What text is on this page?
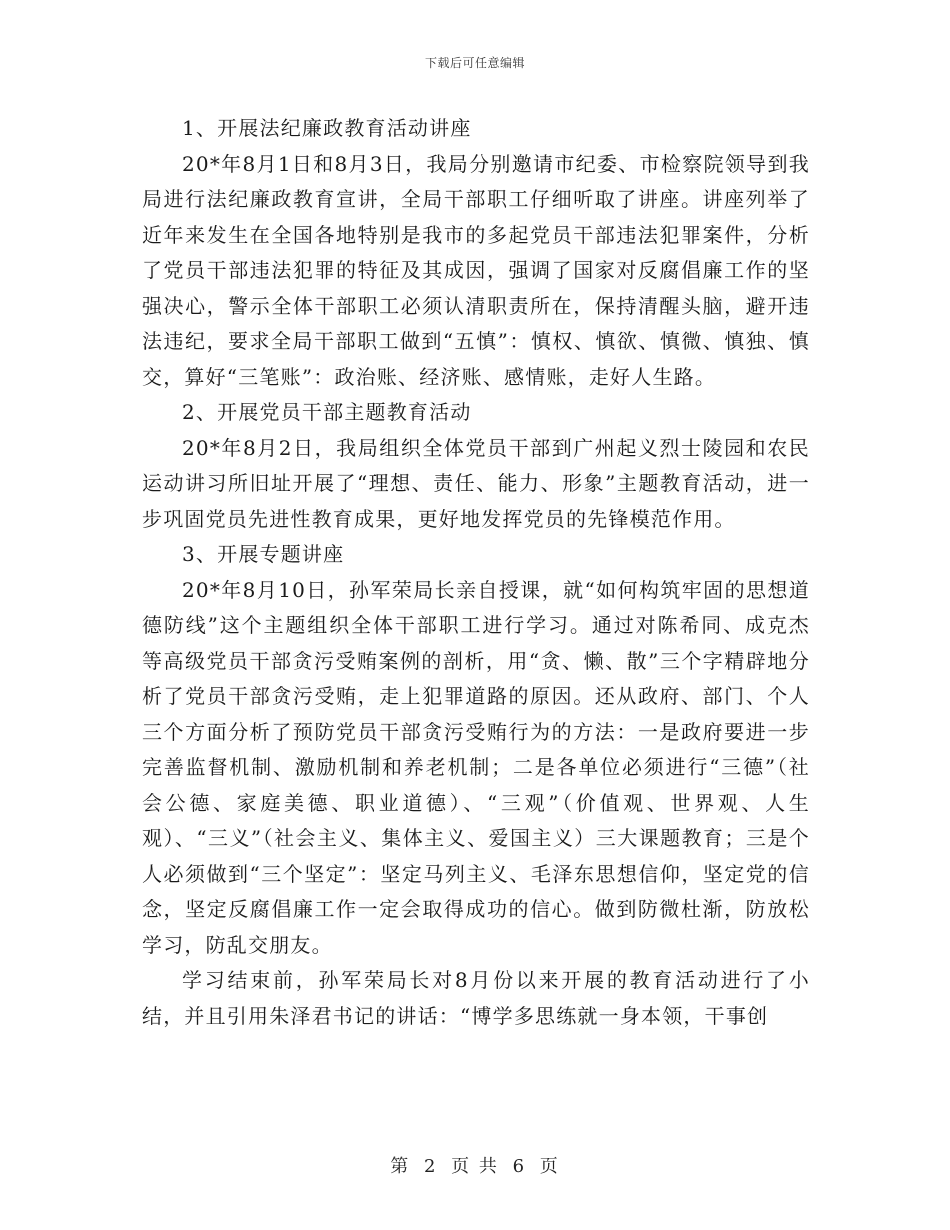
下载后可任意编辑

1、开展法纪廉政教育活动讲座

20*年8月1日和8月3日，我局分别邀请市纪委、市检察院领导到我局进行法纪廉政教育宣讲，全局干部职工仔细听取了讲座。讲座列举了近年来发生在全国各地特别是我市的多起党员干部违法犯罪案件，分析了党员干部违法犯罪的特征及其成因，强调了国家对反腐倡廉工作的坚强决心，警示全体干部职工必须认清职责所在，保持清醒头脑，避开违法违纪，要求全局干部职工做到“五慎”：慎权、慎欲、慎微、慎独、慎交，算好“三笔账”：政治账、经济账、感情账，走好人生路。

2、开展党员干部主题教育活动

20*年8月2日，我局组织全体党员干部到广州起义烈士陵园和农民运动讲习所旧址开展了“理想、责任、能力、形象”主题教育活动，进一步巩固党员先进性教育成果，更好地发挥党员的先锋模范作用。

3、开展专题讲座

20*年8月10日，孙军荣局长亲自授课，就“如何构筑牢固的思想道德防线”这个主题组织全体干部职工进行学习。通过对陈希同、成克杰等高级党员干部贪污受贿案例的剖析，用“贪、懒、散”三个字精辟地分析了党员干部贪污受贿，走上犯罪道路的原因。还从政府、部门、个人三个方面分析了预防党员干部贪污受贿行为的方法：一是政府要进一步完善监督机制、激励机制和养老机制；二是各单位必须进行“三德”（社会公德、家庭美德、职业道德）、“三观”（价值观、世界观、人生观）、“三义”（社会主义、集体主义、爱国主义）三大课题教育；三是个人必须做到“三个坚定”：坚定马列主义、毛泽东思想信仰，坚定党的信念，坚定反腐倡廉工作一定会取得成功的信心。做到防微杜渐，防放松学习，防乱交朋友。

学习结束前，孙军荣局长对8月份以来开展的教育活动进行了小结，并且引用朱泽君书记的讲话：“博学多思练就一身本领，干事创

第 2 页 共 6 页
